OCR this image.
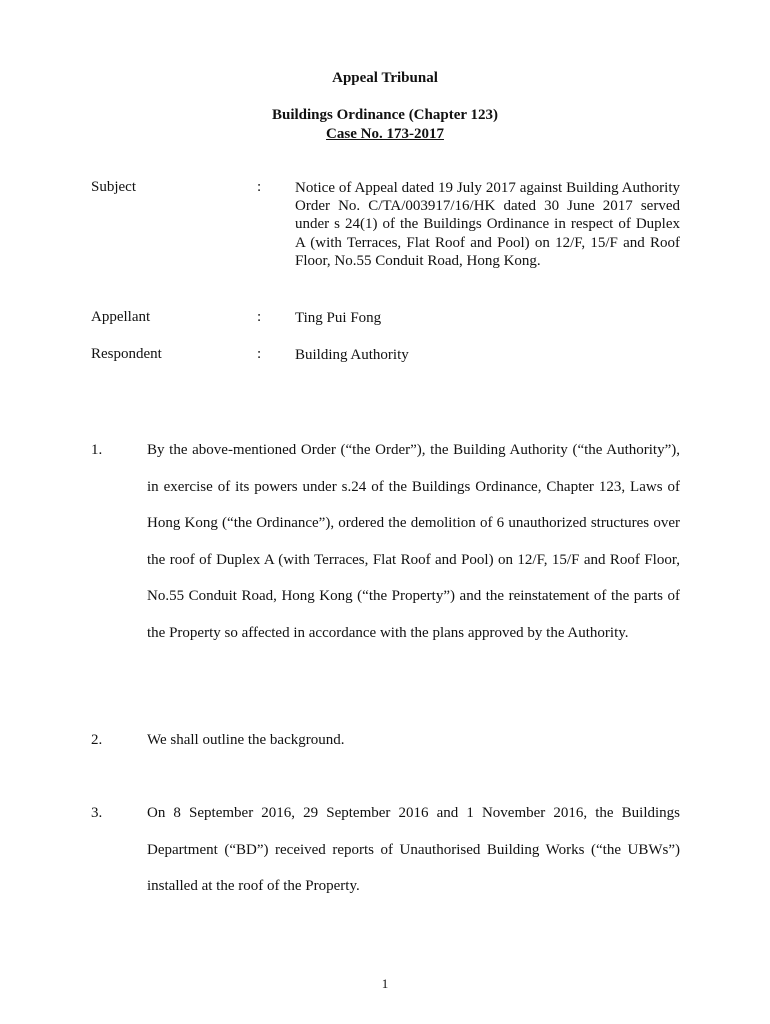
Appeal Tribunal
Buildings Ordinance (Chapter 123)
Case No. 173-2017
Subject	: Notice of Appeal dated 19 July 2017 against Building Authority Order No. C/TA/003917/16/HK dated 30 June 2017 served under s 24(1) of the Buildings Ordinance in respect of Duplex A (with Terraces, Flat Roof and Pool) on 12/F, 15/F and Roof Floor, No.55 Conduit Road, Hong Kong.
Appellant	: Ting Pui Fong
Respondent	: Building Authority
1.	By the above-mentioned Order (“the Order”), the Building Authority (“the Authority”), in exercise of its powers under s.24 of the Buildings Ordinance, Chapter 123, Laws of Hong Kong (“the Ordinance”), ordered the demolition of 6 unauthorized structures over the roof of Duplex A (with Terraces, Flat Roof and Pool) on 12/F, 15/F and Roof Floor, No.55 Conduit Road, Hong Kong (“the Property”) and the reinstatement of the parts of the Property so affected in accordance with the plans approved by the Authority.
2.	We shall outline the background.
3.	On 8 September 2016, 29 September 2016 and 1 November 2016, the Buildings Department (“BD”) received reports of Unauthorised Building Works (“the UBWs”) installed at the roof of the Property.
1
